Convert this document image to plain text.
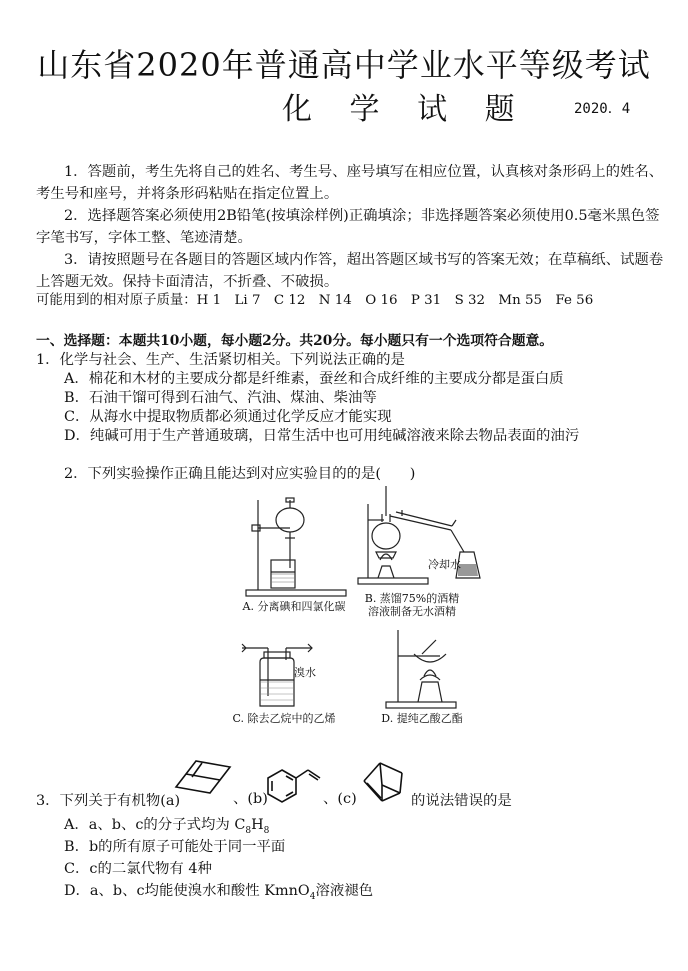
山东省2020年普通高中学业水平等级考试
化 学 试 题	2020．4
1．答题前，考生先将自己的姓名、考生号、座号填写在相应位置，认真核对条形码上的姓名、考生号和座号，并将条形码粘贴在指定位置上。
2．选择题答案必须使用2B铅笔(按填涂样例)正确填涂；非选择题答案必须使用0.5毫米黑色签字笔书写，字体工整、笔迹清楚。
3．请按照题号在各题目的答题区域内作答，超出答题区域书写的答案无效；在草稿纸、试题卷上答题无效。保持卡面清洁，不折叠、不破损。
可能用到的相对原子质量：H 1　Li 7　C 12　N 14　O 16　P 31　S 32　Mn 55　Fe 56
一、选择题：本题共10小题，每小题2分。共20分。每小题只有一个选项符合题意。
1．化学与社会、生产、生活紧切相关。下列说法正确的是
A．棉花和木材的主要成分都是纤维素，蚕丝和合成纤维的主要成分都是蛋白质
B．石油干馏可得到石油气、汽油、煤油、柴油等
C．从海水中提取物质都必须通过化学反应才能实现
D．纯碱可用于生产普通玻璃，日常生活中也可用纯碱溶液来除去物品表面的油污
2．下列实验操作正确且能达到对应实验目的的是(　　)
A. 分离碘和四氯化碳
冷却水
B. 蒸馏75%的酒精
溶液制备无水酒精
溴水
C. 除去乙烷中的乙烯	D. 提纯乙酸乙酯
3．下列关于有机物(a)	、(b)	、(c)	的说法错误的是
A．a、b、c的分子式均为 $C_8H_8$
B．b的所有原子可能处于同一平面
C．c的二氯代物有 4种
D．a、b、c均能使溴水和酸性 KmnO$_4$溶液褪色
